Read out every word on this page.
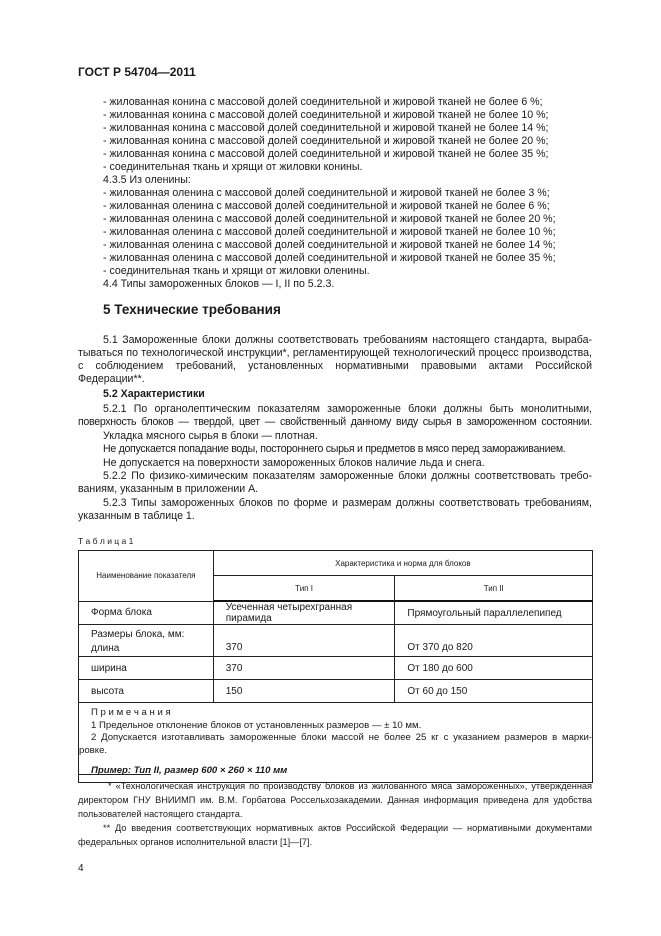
ГОСТ Р 54704—2011
- жилованная конина с массовой долей соединительной и жировой тканей не более 6 %;
- жилованная конина с массовой долей соединительной и жировой тканей не более 10 %;
- жилованная конина с массовой долей соединительной и жировой тканей не более 14 %;
- жилованная конина с массовой долей соединительной и жировой тканей не более 20 %;
- жилованная конина с массовой долей соединительной и жировой тканей не более 35 %;
- соединительная ткань и хрящи от жиловки конины.
4.3.5 Из оленины:
- жилованная оленина с массовой долей соединительной и жировой тканей не более 3 %;
- жилованная оленина с массовой долей соединительной и жировой тканей не более 6 %;
- жилованная оленина с массовой долей соединительной и жировой тканей не более 20 %;
- жилованная оленина с массовой долей соединительной и жировой тканей не более 10 %;
- жилованная оленина с массовой долей соединительной и жировой тканей не более 14 %;
- жилованная оленина с массовой долей соединительной и жировой тканей не более 35 %;
- соединительная ткань и хрящи от жиловки оленины.
4.4 Типы замороженных блоков — I, II по 5.2.3.
5 Технические требования
5.1 Замороженные блоки должны соответствовать требованиям настоящего стандарта, выраба-
тываться по технологической инструкции*, регламентирующей технологический процесс производства,
с соблюдением требований, установленных нормативными правовыми актами Российской
Федерации**.
5.2 Характеристики
5.2.1 По органолептическим показателям замороженные блоки должны быть монолитными,
поверхность блоков — твердой, цвет — свойственный данному виду сырья в замороженном состоянии.
Укладка мясного сырья в блоки — плотная.
Не допускается попадание воды, постороннего сырья и предметов в мясо перед замораживанием.
Не допускается на поверхности замороженных блоков наличие льда и снега.
5.2.2 По физико-химическим показателям замороженные блоки должны соответствовать требо-
ваниям, указанным в приложении А.
5.2.3 Типы замороженных блоков по форме и размерам должны соответствовать требованиям,
указанным в таблице 1.
Т а б л и ц а 1
Наименование показателя	Характеристика и норма для блоков	
	Тип I	Тип II
Форма блока	Усеченная четырехгранная пирамида	Прямоугольный параллелепипед

Размеры блока, мм:
длина	370	От 370 до 820
ширина	370	От 180 до 600
высота	150	От 60 до 150

П р и м е ч а н и я
1 Предельное отклонение блоков от установленных размеров — ± 10 мм.
2 Допускается изготавливать замороженные блоки массой не более 25 кг с указанием размеров в марки-
ровке.
Пример: Тип II, размер 600 × 260 × 110 мм		
* «Технологическая инструкция по производству блоков из жилованного мяса замороженных», утвержденная
директором ГНУ ВНИИМП им. В.М. Горбатова Россельхозакадемии. Данная информация приведена для удобства
пользователей настоящего стандарта.
** До введения соответствующих нормативных актов Российской Федерации — нормативными документами
федеральных органов исполнительной власти [1]—[7].
4
